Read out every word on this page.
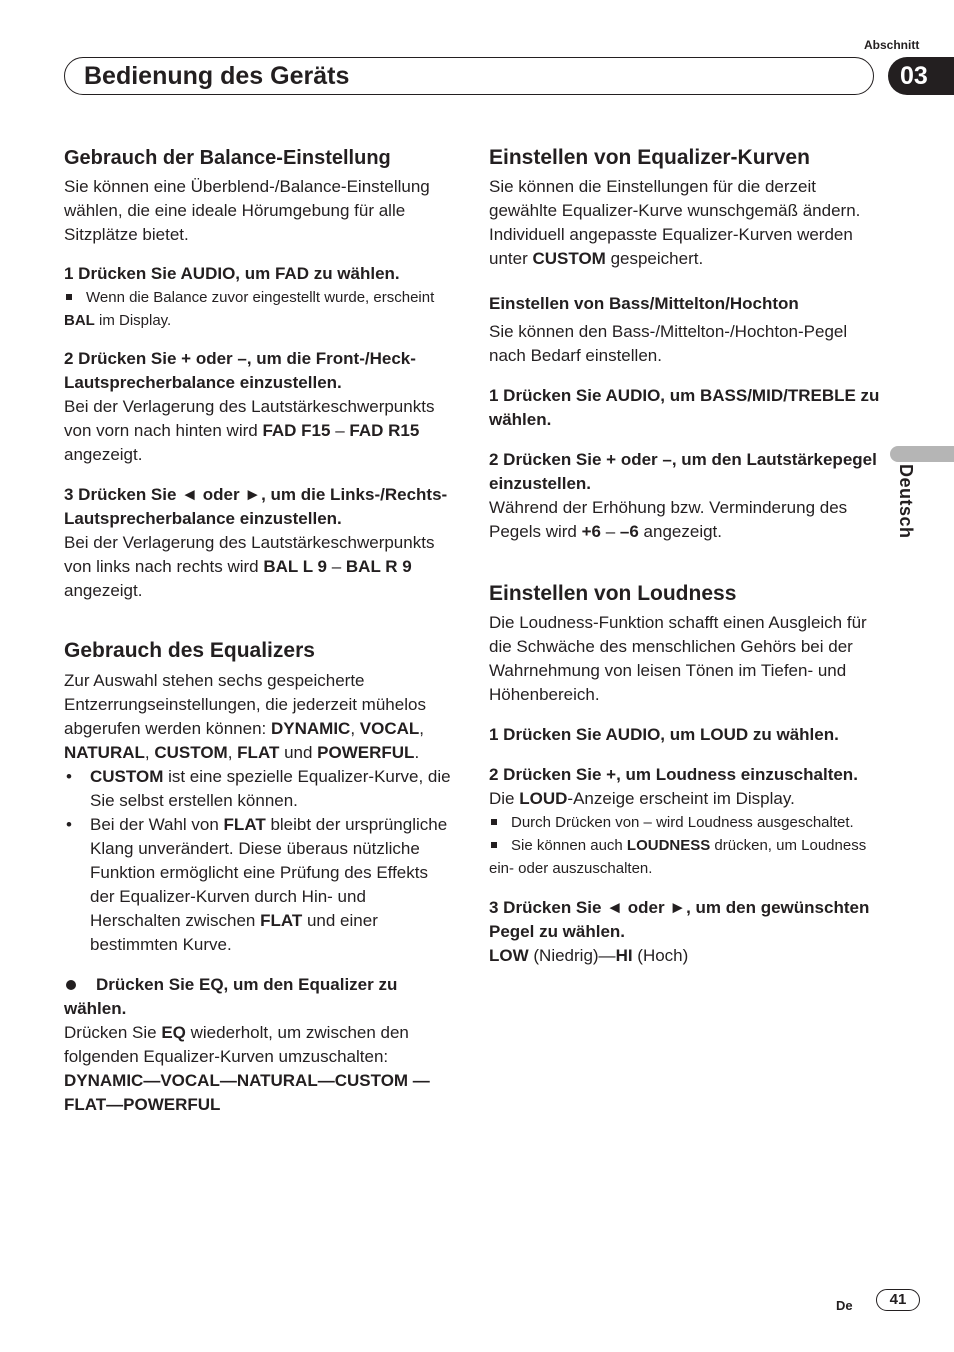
Abschnitt
Bedienung des Geräts	03
Deutsch
Gebrauch der Balance-Einstellung

Sie können eine Überblend-/Balance-Einstellung wählen, die eine ideale Hörumgebung für alle Sitzplätze bietet.

1 Drücken Sie AUDIO, um FAD zu wählen.

Wenn die Balance zuvor eingestellt wurde, erscheint BAL im Display.

2 Drücken Sie + oder –, um die Front-/Heck-Lautsprecherbalance einzustellen.

Bei der Verlagerung des Lautstärkeschwerpunkts von vorn nach hinten wird FAD F15 – FAD R15 angezeigt.

3 Drücken Sie ◄ oder ►, um die Links-/Rechts-Lautsprecherbalance einzustellen.

Bei der Verlagerung des Lautstärkeschwerpunkts von links nach rechts wird BAL L 9 – BAL R 9 angezeigt.

Gebrauch des Equalizers

Zur Auswahl stehen sechs gespeicherte Entzerrungseinstellungen, die jederzeit mühelos abgerufen werden können: DYNAMIC, VOCAL, NATURAL, CUSTOM, FLAT und POWERFUL.

• CUSTOM ist eine spezielle Equalizer-Kurve, die Sie selbst erstellen können.
• Bei der Wahl von FLAT bleibt der ursprüngliche Klang unverändert. Diese überaus nützliche Funktion ermöglicht eine Prüfung des Effekts der Equalizer-Kurven durch Hin- und Herschalten zwischen FLAT und einer bestimmten Kurve.

Drücken Sie EQ, um den Equalizer zu wählen.

Drücken Sie EQ wiederholt, um zwischen den folgenden Equalizer-Kurven umzuschalten:

DYNAMIC—VOCAL—NATURAL—CUSTOM —FLAT—POWERFUL

Einstellen von Equalizer-Kurven

Sie können die Einstellungen für die derzeit gewählte Equalizer-Kurve wunschgemäß ändern. Individuell angepasste Equalizer-Kurven werden unter CUSTOM gespeichert.

Einstellen von Bass/Mittelton/Hochton

Sie können den Bass-/Mittelton-/Hochton-Pegel nach Bedarf einstellen.

1 Drücken Sie AUDIO, um BASS/MID/TREBLE zu wählen.

2 Drücken Sie + oder –, um den Lautstärkepegel einzustellen.

Während der Erhöhung bzw. Verminderung des Pegels wird +6 – –6 angezeigt.

Einstellen von Loudness

Die Loudness-Funktion schafft einen Ausgleich für die Schwäche des menschlichen Gehörs bei der Wahrnehmung von leisen Tönen im Tiefen- und Höhenbereich.

1 Drücken Sie AUDIO, um LOUD zu wählen.

2 Drücken Sie +, um Loudness einzuschalten.

Die LOUD-Anzeige erscheint im Display.

Durch Drücken von – wird Loudness ausgeschaltet.

Sie können auch LOUDNESS drücken, um Loudness ein- oder auszuschalten.

3 Drücken Sie ◄ oder ►, um den gewünschten Pegel zu wählen.

LOW (Niedrig)—HI (Hoch)

De	41
